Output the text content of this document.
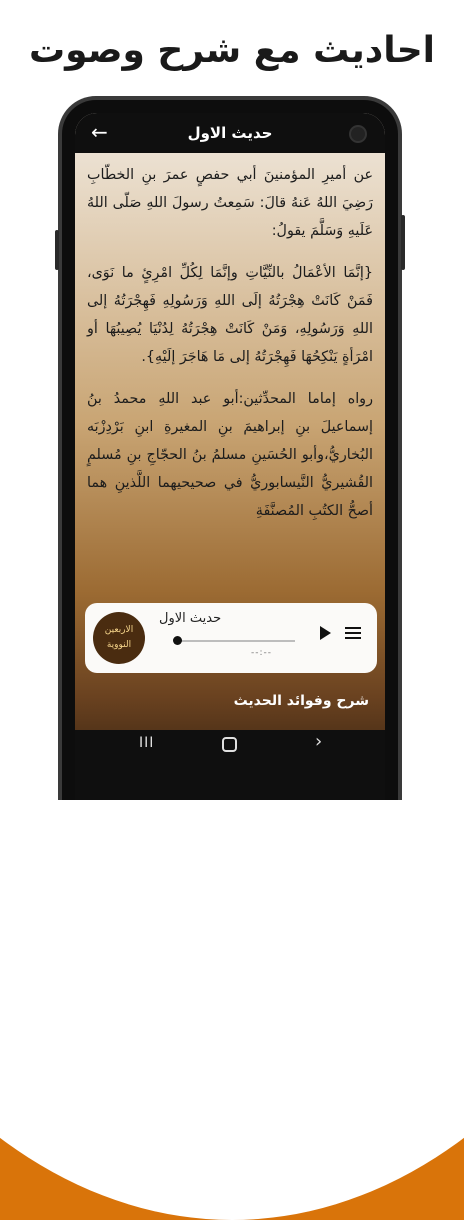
احاديث مع شرح وصوت
←	حديث الاول

عن أميرِ المؤمنينَ أبي حفصٍ عمرَ بنِ الخطّابِ رَضِيَ اللهُ عَنهُ قالَ: سَمِعتُ رسولَ اللهِ صَلّى اللهُ عَلَيهِ وَسَلَّمَ يقولُ:

{إنَّمَا الأعْمَالُ بالنِّيَّاتِ وإنَّمَا لِكُلِّ امْرِئٍ ما نَوَى، فَمَنْ كَانَتْ هِجْرَتُهُ إلَى اللهِ وَرَسُولِهِ فَهِجْرَتُهُ إلى اللهِ وَرَسُولِهِ، وَمَنْ كَانَتْ هِجْرَتُهُ لِدُنْيَا يُصِيبُهَا أو امْرَأةٍ يَنْكِحُهَا فَهِجْرَتُهُ إلى مَا هَاجَرَ إلَيْهِ}.

رواه إماما المحدِّثين:أبو عبد اللهِ محمدُ بنُ إسماعيلَ بنِ إبراهيمَ بنِ المغيرةِ ابنِ بَرْدِزْبَه البُخاريُّ،وأبو الحُسَينِ مسلمُ بنُ الحجّاجِ بنِ مُسلمٍ القُشيريُّ النَّيسابوريُّ في صحيحيهما اللَّذينِ هما أصحُّ الكتُبِ المُصنَّفَةِ

الاربعين
النووية
حديث الاول
--:--
شرح وفوائد الحديث
III	›
